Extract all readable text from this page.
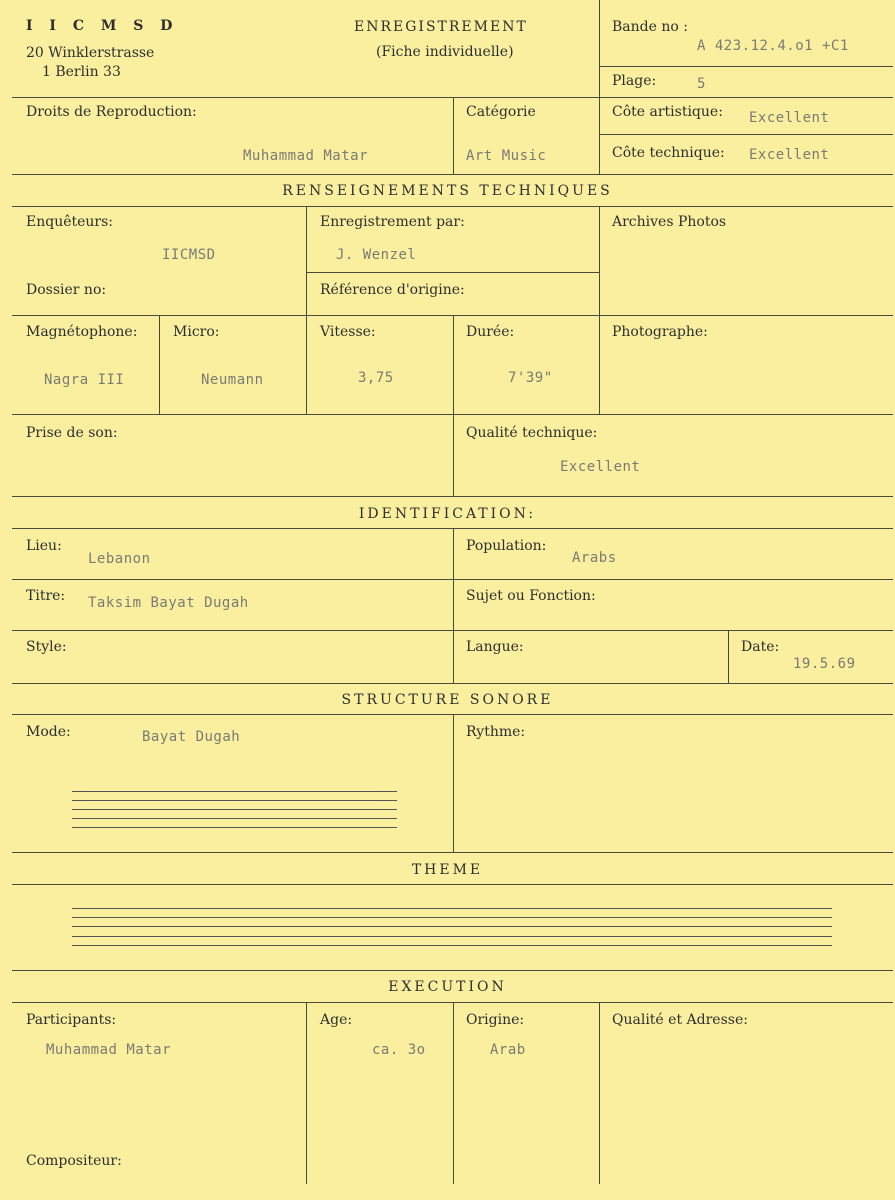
I I C M S D
20 Winklerstrasse
1 Berlin 33
ENREGISTREMENT
(Fiche individuelle)
Bande no :
A 423.12.4.o1 +C1
Plage:	5
Droits de Reproduction:
Muhammad Matar
Catégorie
Art Music
Côte artistique: Excellent
Côte technique: Excellent
RENSEIGNEMENTS TECHNIQUES
Enquêteurs:
IICMSD
Enregistrement par:
J. Wenzel
Archives Photos
Dossier no:	Référence d'origine:
Magnétophone:
Nagra III
Micro:
Neumann
Vitesse:
3,75
Durée:
7'39"
Photographe:
Prise de son:	Qualité technique:
Excellent
IDENTIFICATION:
Lieu:
Lebanon
Population:
Arabs
Titre: Taksim Bayat Dugah	Sujet ou Fonction:
Style:	Langue:	Date:
19.5.69
STRUCTURE SONORE
Mode:	Bayat Dugah	Rythme:
THEME
EXECUTION
Participants:
Muhammad Matar
Age:
ca. 3o
Origine:
Arab
Qualité et Adresse:
Compositeur:
